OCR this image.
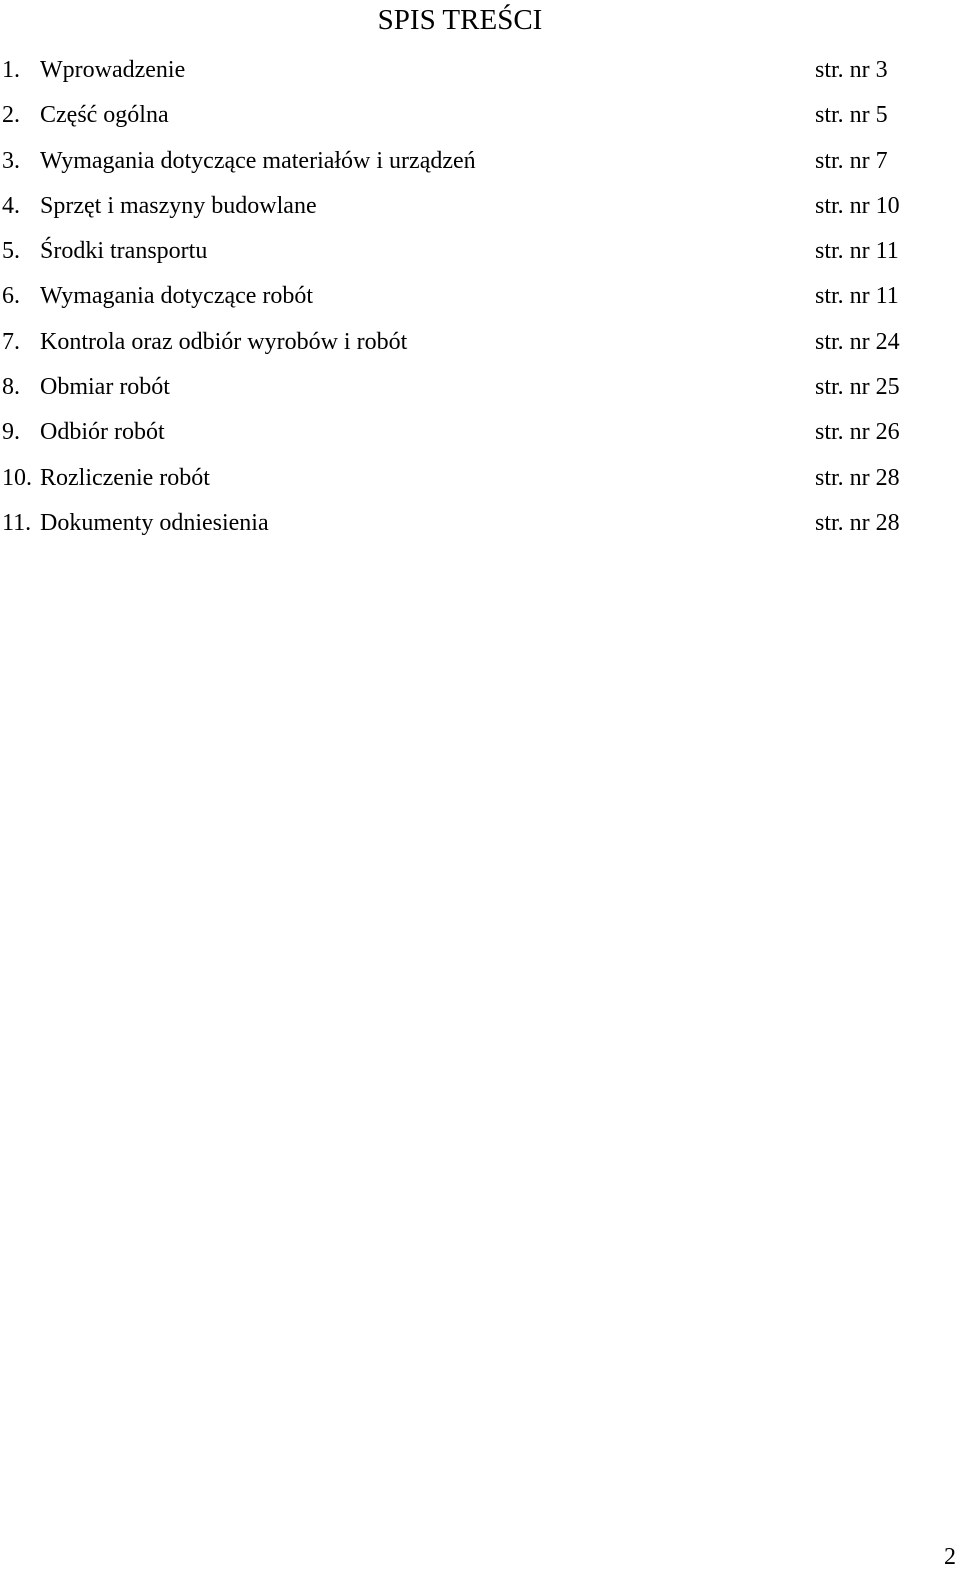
SPIS TREŚCI
1. Wprowadzenie	str. nr 3
2. Część ogólna	str. nr 5
3. Wymagania dotyczące materiałów i urządzeń	str. nr 7
4. Sprzęt i maszyny budowlane	str. nr 10
5. Środki transportu	str. nr 11
6. Wymagania dotyczące robót	str. nr 11
7. Kontrola oraz odbiór wyrobów i robót	str. nr 24
8. Obmiar robót	str. nr 25
9. Odbiór robót	str. nr 26
10. Rozliczenie robót	str. nr 28
11. Dokumenty odniesienia	str. nr 28
2
